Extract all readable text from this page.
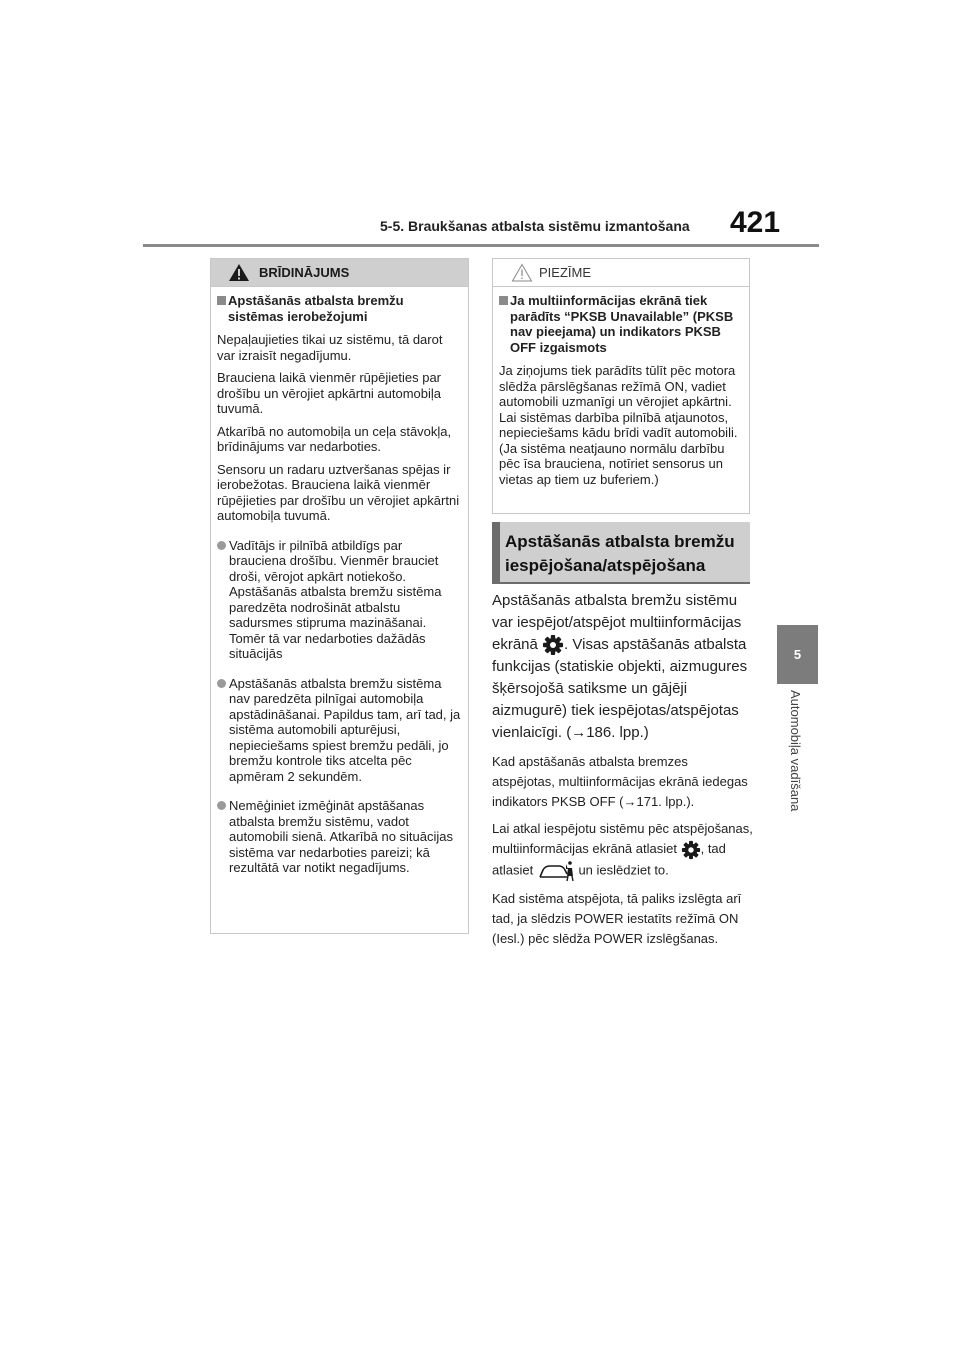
5-5. Braukšanas atbalsta sistēmu izmantošana 421
5
Automobiļa vadīšana
BRĪDINĀJUMS
Apstāšanās atbalsta bremžu sistēmas ierobežojumi
Nepaļaujieties tikai uz sistēmu, tā darot var izraisīt negadījumu.
Brauciena laikā vienmēr rūpējieties par drošību un vērojiet apkārtni automobiļa tuvumā.
Atkarībā no automobiļa un ceļa stāvokļa, brīdinājums var nedarboties.
Sensoru un radaru uztveršanas spējas ir ierobežotas. Brauciena laikā vienmēr rūpējieties par drošību un vērojiet apkārtni automobiļa tuvumā.
Vadītājs ir pilnībā atbildīgs par brauciena drošību. Vienmēr brauciet droši, vērojot apkārt notiekošo. Apstāšanās atbalsta bremžu sistēma paredzēta nodrošināt atbalstu sadursmes stipruma mazināšanai. Tomēr tā var nedarboties dažādās situācijās
Apstāšanās atbalsta bremžu sistēma nav paredzēta pilnīgai automobiļa apstādināšanai. Papildus tam, arī tad, ja sistēma automobili apturējusi, nepieciešams spiest bremžu pedāli, jo bremžu kontrole tiks atcelta pēc apmēram 2 sekundēm.
Nemēģiniet izmēģināt apstāšanas atbalsta bremžu sistēmu, vadot automobili sienā. Atkarībā no situācijas sistēma var nedarboties pareizi; kā rezultātā var notikt negadījums.
PIEZĪME
Ja multiinformācijas ekrānā tiek parādīts “PKSB Unavailable” (PKSB nav pieejama) un indikators PKSB OFF izgaismots
Ja ziņojums tiek parādīts tūlīt pēc motora slēdža pārslēgšanas režīmā ON, vadiet automobili uzmanīgi un vērojiet apkārtni. Lai sistēmas darbība pilnībā atjaunotos, nepieciešams kādu brīdi vadīt automobili. (Ja sistēma neatjauno normālu darbību pēc īsa brauciena, notīriet sensorus un vietas ap tiem uz buferiem.)
Apstāšanās atbalsta bremžu
iespējošana/atspējošana
Apstāšanās atbalsta bremžu sistēmu var iespējot/atspējot multiinformācijas ekrānā . Visas apstāšanās atbalsta funkcijas (statiskie objekti, aizmugures šķērsojošā satiksme un gājēji aizmugurē) tiek iespējotas/atspējotas vienlaicīgi. (→186. lpp.)
Kad apstāšanās atbalsta bremzes atspējotas, multiinformācijas ekrānā iedegas indikators PKSB OFF (→171. lpp.).
Lai atkal iespējotu sistēmu pēc atspējošanas, multiinformācijas ekrānā atlasiet , tad atlasiet	un ieslēdziet to.
Kad sistēma atspējota, tā paliks izslēgta arī tad, ja slēdzis POWER iestatīts režīmā ON (Iesl.) pēc slēdža POWER izslēgšanas.
